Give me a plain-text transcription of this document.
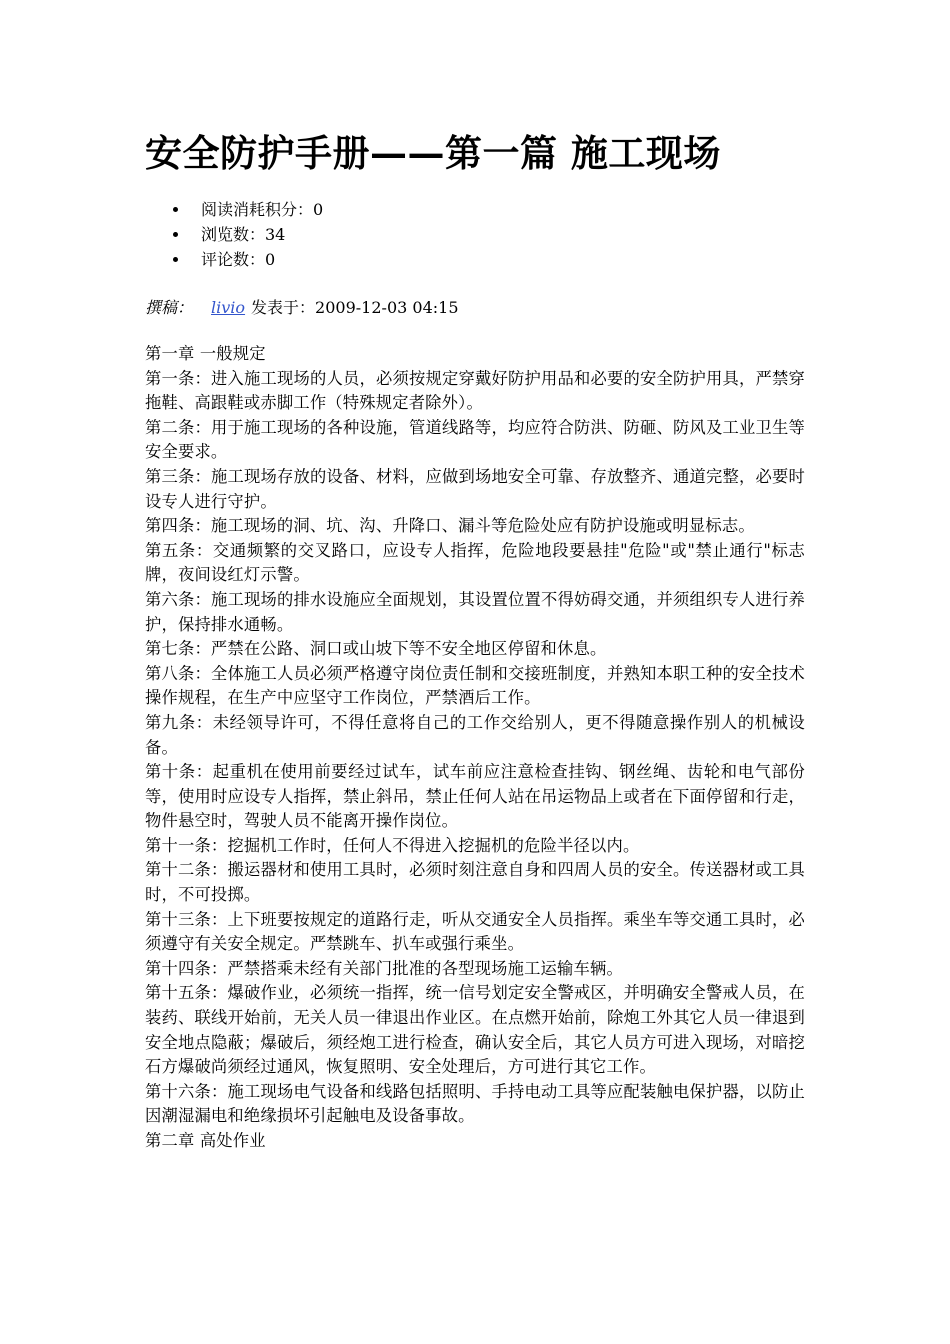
安全防护手册——第一篇 施工现场
阅读消耗积分：0
浏览数：34
评论数：0
撰稿： livio 发表于：2009-12-03 04:15

第一章 一般规定

第一条：进入施工现场的人员，必须按规定穿戴好防护用品和必要的安全防护用具，严禁穿拖鞋、高跟鞋或赤脚工作（特殊规定者除外）。

第二条：用于施工现场的各种设施，管道线路等，均应符合防洪、防砸、防风及工业卫生等安全要求。

第三条：施工现场存放的设备、材料，应做到场地安全可靠、存放整齐、通道完整，必要时设专人进行守护。

第四条：施工现场的洞、坑、沟、升降口、漏斗等危险处应有防护设施或明显标志。

第五条：交通频繁的交叉路口，应设专人指挥，危险地段要悬挂"危险"或"禁止通行"标志牌，夜间设红灯示警。

第六条：施工现场的排水设施应全面规划，其设置位置不得妨碍交通，并须组织专人进行养护，保持排水通畅。

第七条：严禁在公路、洞口或山坡下等不安全地区停留和休息。

第八条：全体施工人员必须严格遵守岗位责任制和交接班制度，并熟知本职工种的安全技术操作规程，在生产中应坚守工作岗位，严禁酒后工作。

第九条：未经领导许可，不得任意将自己的工作交给别人，更不得随意操作别人的机械设备。

第十条：起重机在使用前要经过试车，试车前应注意检查挂钩、钢丝绳、齿轮和电气部份等，使用时应设专人指挥，禁止斜吊，禁止任何人站在吊运物品上或者在下面停留和行走，物件悬空时，驾驶人员不能离开操作岗位。

第十一条：挖掘机工作时，任何人不得进入挖掘机的危险半径以内。

第十二条：搬运器材和使用工具时，必须时刻注意自身和四周人员的安全。传送器材或工具时，不可投掷。

第十三条：上下班要按规定的道路行走，听从交通安全人员指挥。乘坐车等交通工具时，必须遵守有关安全规定。严禁跳车、扒车或强行乘坐。

第十四条：严禁搭乘未经有关部门批准的各型现场施工运输车辆。

第十五条：爆破作业，必须统一指挥，统一信号划定安全警戒区，并明确安全警戒人员，在装药、联线开始前，无关人员一律退出作业区。在点燃开始前，除炮工外其它人员一律退到安全地点隐蔽；爆破后，须经炮工进行检查，确认安全后，其它人员方可进入现场，对暗挖石方爆破尚须经过通风，恢复照明、安全处理后，方可进行其它工作。

第十六条：施工现场电气设备和线路包括照明、手持电动工具等应配装触电保护器，以防止因潮湿漏电和绝缘损坏引起触电及设备事故。

第二章 高处作业
